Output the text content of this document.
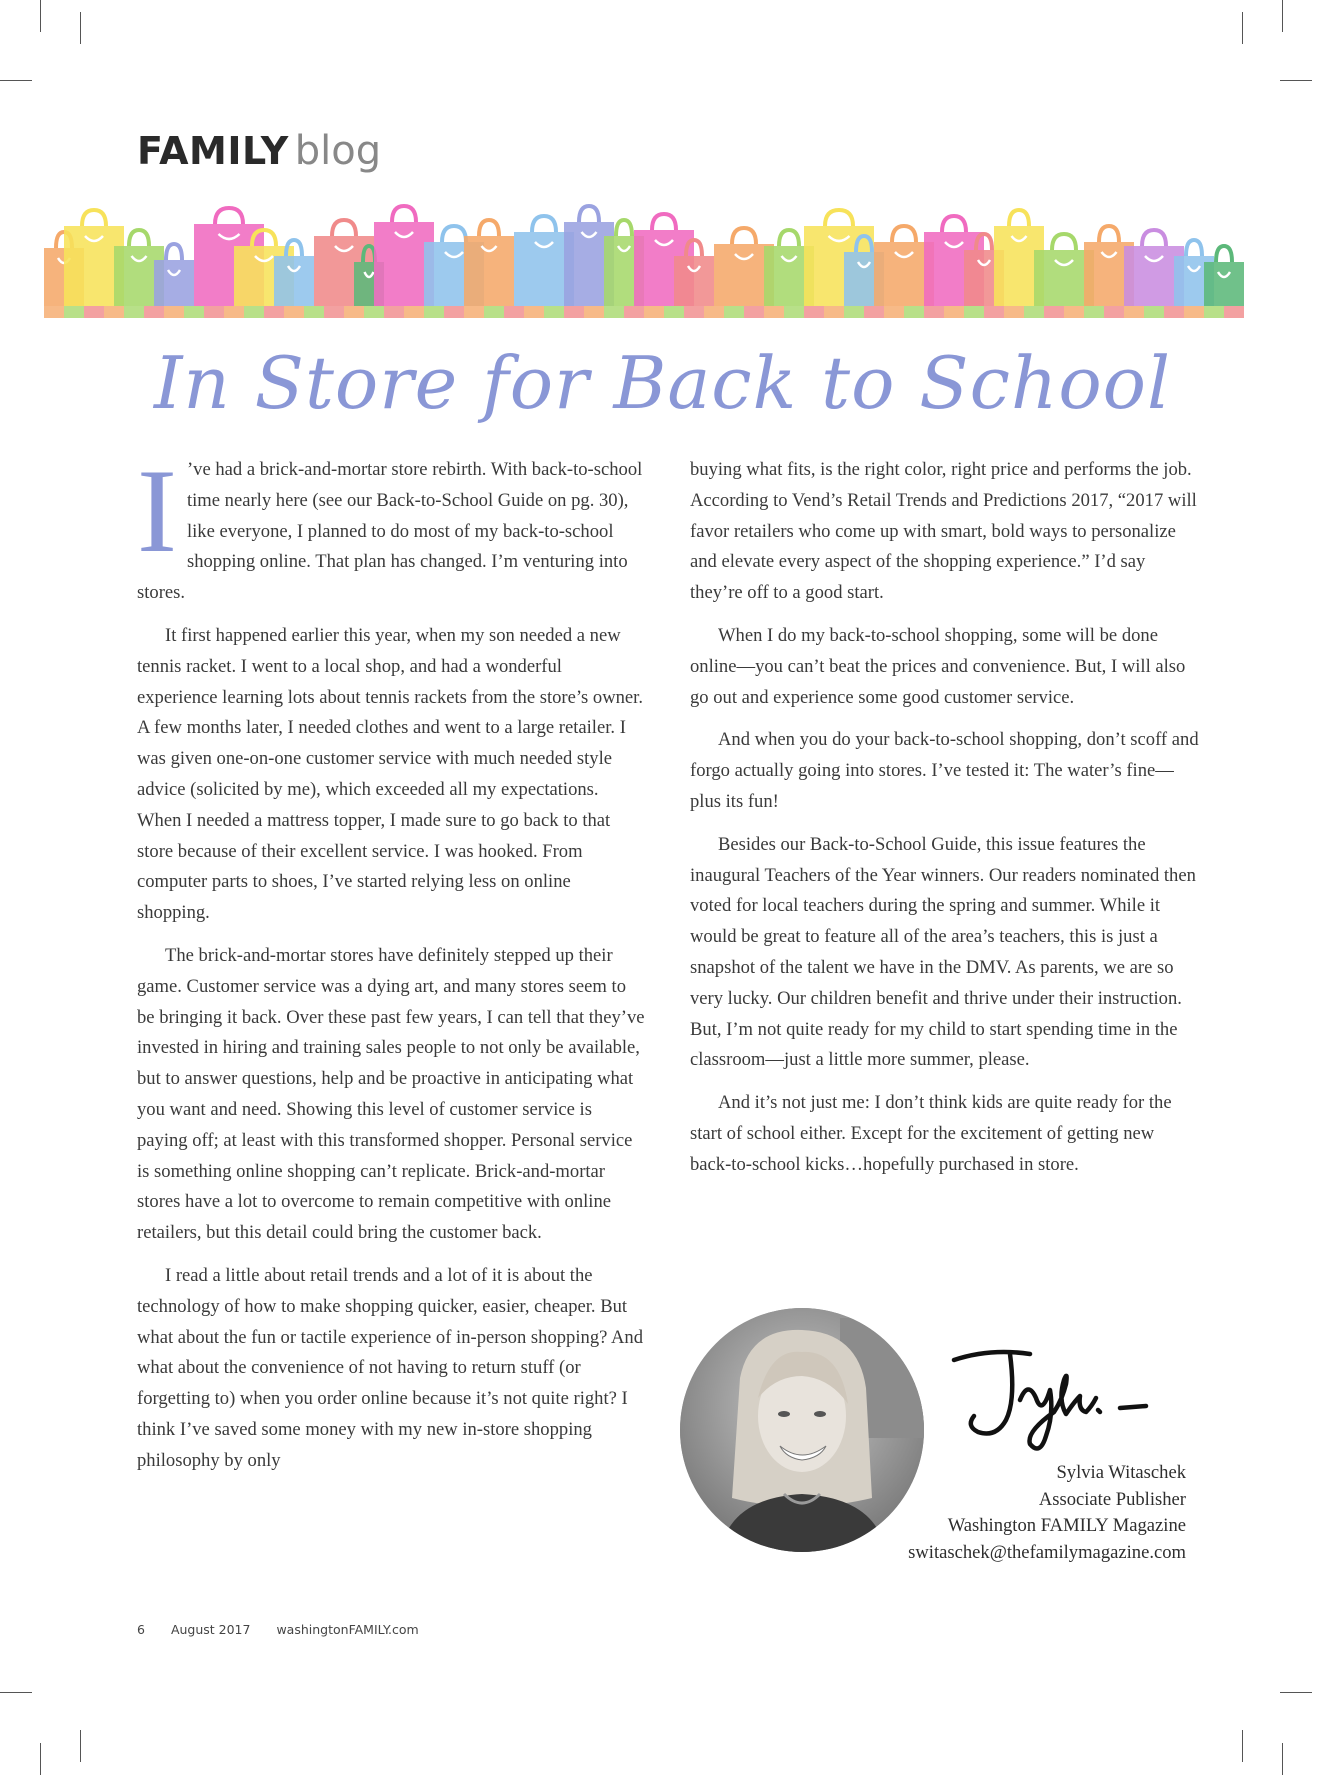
FAMILY blog
In Store for Back to School

I ’ve had a brick-and-mortar store rebirth. With back-to-school time nearly here (see our Back-to-School Guide on pg. 30), like everyone, I planned to do most of my back-to-school shopping online. That plan has changed. I’m venturing into stores.

It first happened earlier this year, when my son needed a new tennis racket. I went to a local shop, and had a wonderful experience learning lots about tennis rackets from the store’s owner. A few months later, I needed clothes and went to a large retailer. I was given one-on-one customer service with much needed style advice (solicited by me), which exceeded all my expectations. When I needed a mattress topper, I made sure to go back to that store because of their excellent service. I was hooked. From computer parts to shoes, I’ve started relying less on online shopping.

The brick-and-mortar stores have definitely stepped up their game. Customer service was a dying art, and many stores seem to be bringing it back. Over these past few years, I can tell that they’ve invested in hiring and training sales people to not only be available, but to answer questions, help and be proactive in anticipating what you want and need. Showing this level of customer service is paying off; at least with this transformed shopper. Personal service is something online shopping can’t replicate. Brick-and-mortar stores have a lot to overcome to remain competitive with online retailers, but this detail could bring the customer back.

I read a little about retail trends and a lot of it is about the technology of how to make shopping quicker, easier, cheaper. But what about the fun or tactile experience of in-person shopping? And what about the convenience of not having to return stuff (or forgetting to) when you order online because it’s not quite right? I think I’ve saved some money with my new in-store shopping philosophy by only

buying what fits, is the right color, right price and performs the job. According to Vend’s Retail Trends and Predictions 2017, “2017 will favor retailers who come up with smart, bold ways to personalize and elevate every aspect of the shopping experience.” I’d say they’re off to a good start.

When I do my back-to-school shopping, some will be done online—you can’t beat the prices and convenience. But, I will also go out and experience some good customer service.

And when you do your back-to-school shopping, don’t scoff and forgo actually going into stores. I’ve tested it: The water’s fine—plus its fun!

Besides our Back-to-School Guide, this issue features the inaugural Teachers of the Year winners. Our readers nominated then voted for local teachers during the spring and summer. While it would be great to feature all of the area’s teachers, this is just a snapshot of the talent we have in the DMV. As parents, we are so very lucky. Our children benefit and thrive under their instruction. But, I’m not quite ready for my child to start spending time in the classroom—just a little more summer, please.

And it’s not just me: I don’t think kids are quite ready for the start of school either. Except for the excitement of getting new back-to-school kicks…hopefully purchased in store.

Sylvia Witaschek
Associate Publisher
Washington FAMILY Magazine
switaschek@thefamilymagazine.com
6 August 2017 washingtonFAMILY.com
